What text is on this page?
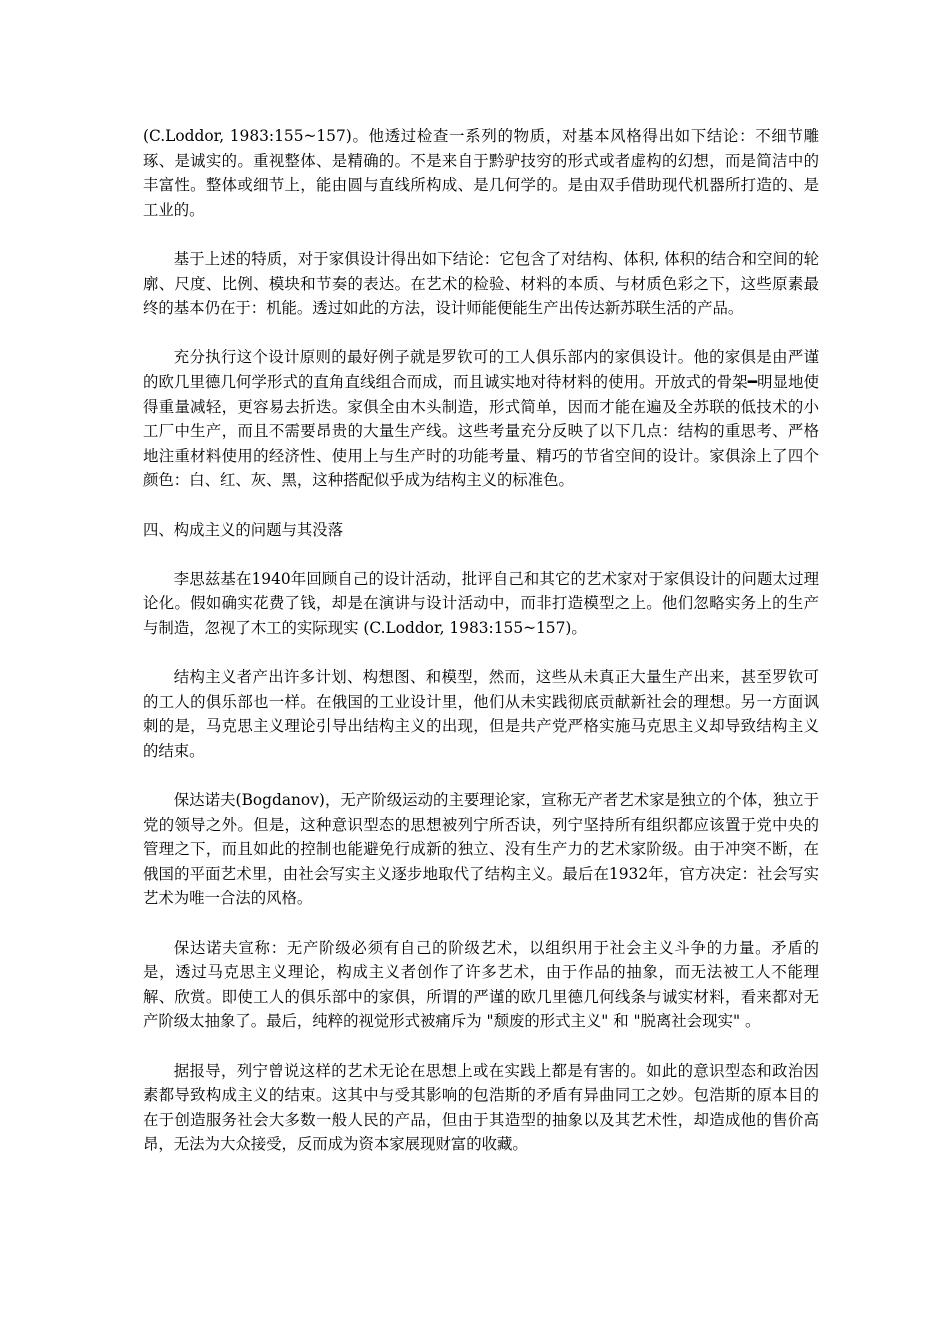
(C.Loddor, 1983:155~157)。他透过检查一系列的物质，对基本风格得出如下结论：不细节雕琢、是诚实的。重视整体、是精确的。不是来自于黔驴技穷的形式或者虚构的幻想，而是简洁中的丰富性。整体或细节上，能由圆与直线所构成、是几何学的。是由双手借助现代机器所打造的、是工业的。

基于上述的特质，对于家俱设计得出如下结论：它包含了对结构、体积, 体积的结合和空间的轮廓、尺度、比例、模块和节奏的表达。在艺术的检验、材料的本质、与材质色彩之下，这些原素最终的基本仍在于：机能。透过如此的方法，设计师能便能生产出传达新苏联生活的产品。

充分执行这个设计原则的最好例子就是罗钦可的工人俱乐部内的家俱设计。他的家俱是由严谨的欧几里德几何学形式的直角直线组合而成，而且诚实地对待材料的使用。开放式的骨架━明显地使得重量减轻，更容易去折迭。家俱全由木头制造，形式简单，因而才能在遍及全苏联的低技术的小工厂中生产，而且不需要昂贵的大量生产线。这些考量充分反映了以下几点：结构的重思考、严格地注重材料使用的经济性、使用上与生产时的功能考量、精巧的节省空间的设计。家俱涂上了四个颜色：白、红、灰、黑，这种搭配似乎成为结构主义的标准色。

四、构成主义的问题与其没落

李思兹基在1940年回顾自己的设计活动，批评自己和其它的艺术家对于家俱设计的问题太过理论化。假如确实花费了钱，却是在演讲与设计活动中，而非打造模型之上。他们忽略实务上的生产与制造，忽视了木工的实际现实 (C.Loddor, 1983:155~157)。

结构主义者产出许多计划、构想图、和模型，然而，这些从未真正大量生产出来，甚至罗钦可的工人的俱乐部也一样。在俄国的工业设计里，他们从未实践彻底贡献新社会的理想。另一方面讽刺的是，马克思主义理论引导出结构主义的出现，但是共产党严格实施马克思主义却导致结构主义的结束。

保达诺夫(Bogdanov)，无产阶级运动的主要理论家，宣称无产者艺术家是独立的个体，独立于党的领导之外。但是，这种意识型态的思想被列宁所否诀，列宁坚持所有组织都应该置于党中央的管理之下，而且如此的控制也能避免行成新的独立、没有生产力的艺术家阶级。由于冲突不断，在俄国的平面艺术里，由社会写实主义逐步地取代了结构主义。最后在1932年，官方决定：社会写实艺术为唯一合法的风格。

保达诺夫宣称：无产阶级必须有自己的阶级艺术，以组织用于社会主义斗争的力量。矛盾的是，透过马克思主义理论，构成主义者创作了许多艺术，由于作品的抽象，而无法被工人不能理解、欣赏。即使工人的俱乐部中的家俱，所谓的严谨的欧几里德几何线条与诚实材料，看来都对无产阶级太抽象了。最后，纯粹的视觉形式被痛斥为 "颓废的形式主义" 和 "脱离社会现实" 。

据报导，列宁曾说这样的艺术无论在思想上或在实践上都是有害的。如此的意识型态和政治因素都导致构成主义的结束。这其中与受其影响的包浩斯的矛盾有异曲同工之妙。包浩斯的原本目的在于创造服务社会大多数一般人民的产品，但由于其造型的抽象以及其艺术性，却造成他的售价高昂，无法为大众接受，反而成为资本家展现财富的收藏。
